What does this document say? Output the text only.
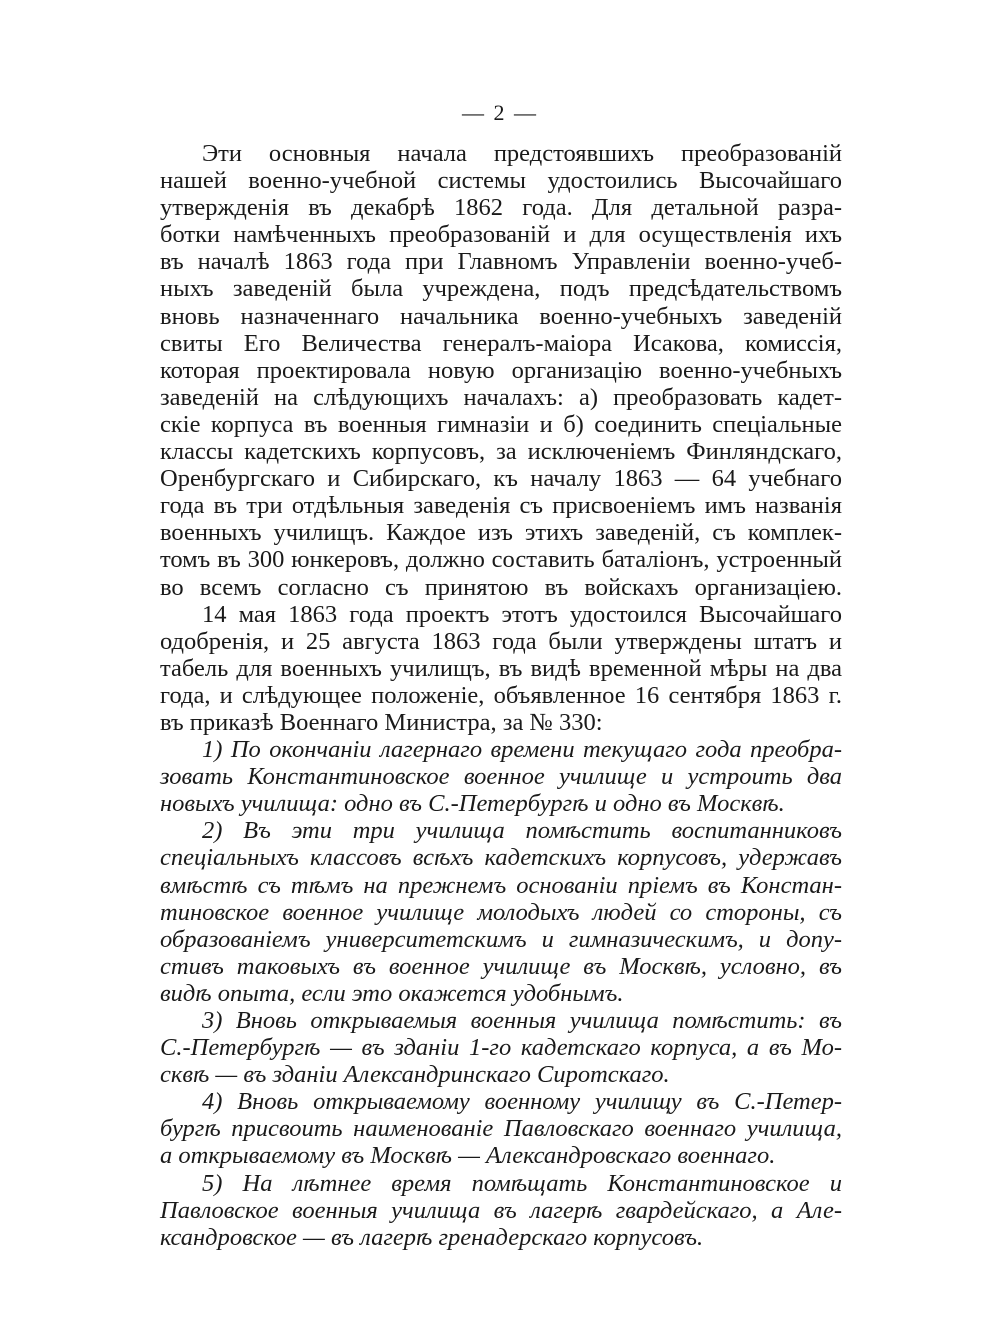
— 2 —
Эти основныя начала предстоявшихъ преобразованій
нашей военно-учебной системы удостоились Высочайшаго
утвержденія въ декабрѣ 1862 года. Для детальной разра-
ботки намѣченныхъ преобразованій и для осуществленія ихъ
въ началѣ 1863 года при Главномъ Управленіи военно-учеб-
ныхъ заведеній была учреждена, подъ предсѣдательствомъ
вновь назначеннаго начальника военно-учебныхъ заведеній
свиты Его Величества генералъ-маіора Исакова, комиссія,
которая проектировала новую организацію военно-учебныхъ
заведеній на слѣдующихъ началахъ: а) преобразовать кадет-
скіе корпуса въ военныя гимназіи и б) соединить спеціальные
классы кадетскихъ корпусовъ, за исключеніемъ Финляндскаго,
Оренбургскаго и Сибирскаго, къ началу 1863 — 64 учебнаго
года въ три отдѣльныя заведенія съ присвоеніемъ имъ названія
военныхъ училищъ. Каждое изъ этихъ заведеній, съ комплек-
томъ въ 300 юнкеровъ, должно составить баталіонъ, устроенный
во всемъ согласно съ принятою въ войскахъ организаціею.
14 мая 1863 года проектъ этотъ удостоился Высочайшаго
одобренія, и 25 августа 1863 года были утверждены штатъ и
табель для военныхъ училищъ, въ видѣ временной мѣры на два
года, и слѣдующее положеніе, объявленное 16 сентября 1863 г.
въ приказѣ Военнаго Министра, за № 330:
1) По окончаніи лагернаго времени текущаго года преобра-
зовать Константиновское военное училище и устроить два
новыхъ училища: одно въ С.-Петербургѣ и одно въ Москвѣ.
2) Въ эти три училища помѣстить воспитанниковъ
спеціальныхъ классовъ всѣхъ кадетскихъ корпусовъ, удержавъ
вмѣстѣ съ тѣмъ на прежнемъ основаніи пріемъ въ Констан-
тиновское военное училище молодыхъ людей со стороны, съ
образованіемъ университетскимъ и гимназическимъ, и допу-
стивъ таковыхъ въ военное училище въ Москвѣ, условно, въ
видѣ опыта, если это окажется удобнымъ.
3) Вновь открываемыя военныя училища помѣстить: въ
С.-Петербургѣ — въ зданіи 1-го кадетскаго корпуса, а въ Мо-
сквѣ — въ зданіи Александринскаго Сиротскаго.
4) Вновь открываемому военному училищу въ С.-Петер-
бургѣ присвоить наименованіе Павловскаго военнаго училища,
а открываемому въ Москвѣ — Александровскаго военнаго.
5) На лѣтнее время помѣщать Константиновское и
Павловское военныя училища въ лагерѣ гвардейскаго, а Але-
ксандровское — въ лагерѣ гренадерскаго корпусовъ.
